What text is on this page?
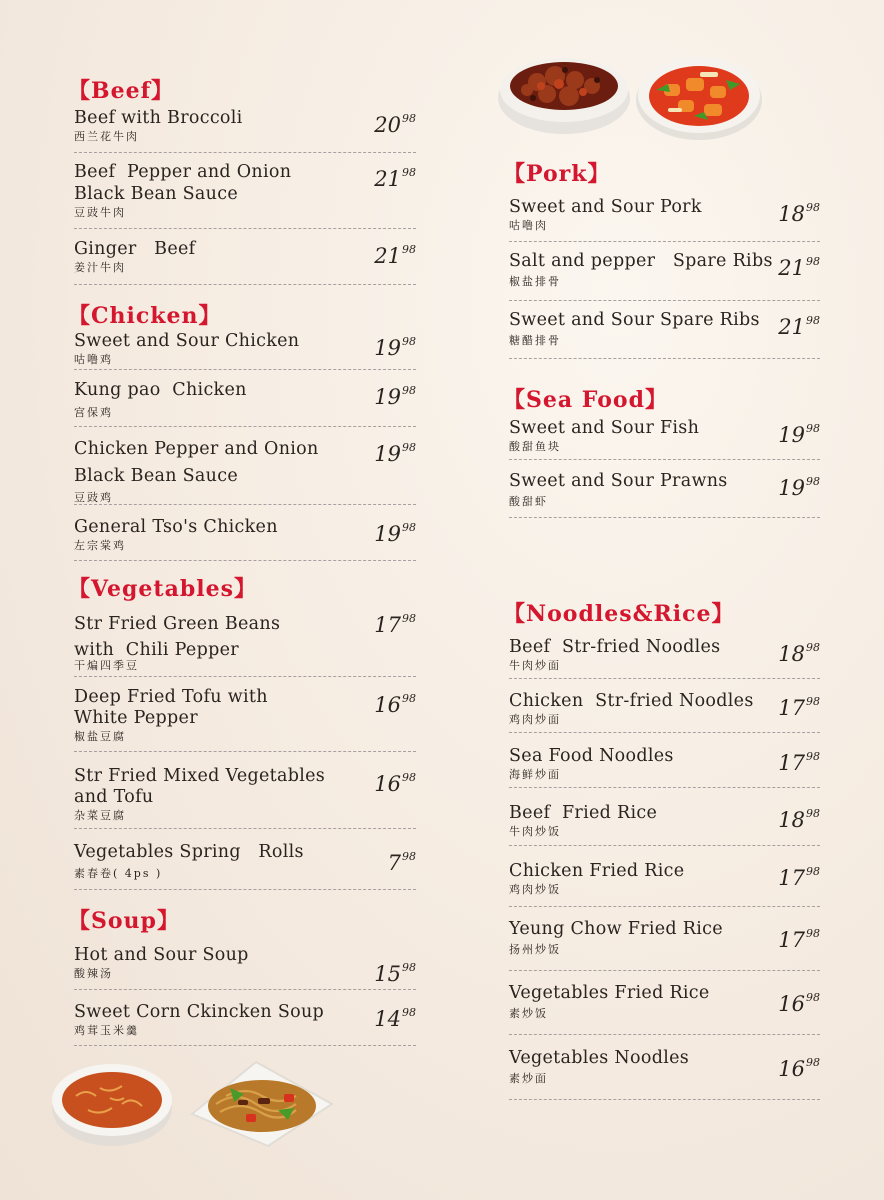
【Beef】
Beef with Broccoli
西兰花牛肉	$20^{98}$
Beef  Pepper and Onion
Black Bean Sauce
豆豉牛肉
$21^{98}$
Ginger   Beef
姜汁牛肉	$21^{98}$
【Chicken】
Sweet and Sour Chicken
咕噜鸡	$19^{98}$
Kung pao  Chicken
宫保鸡
$19^{98}$
Chicken Pepper and Onion
Black Bean Sauce
豆豉鸡
$19^{98}$
General Tso's Chicken
左宗棠鸡	$19^{98}$
【Vegetables】
Str Fried Green Beans
with  Chili Pepper
干煸四季豆
$17^{98}$
Deep Fried Tofu with
White Pepper
椒盐豆腐
$16^{98}$
Str Fried Mixed Vegetables
and Tofu
杂菜豆腐
$16^{98}$
Vegetables Spring   Rolls
素春卷( 4ps )	$7^{98}$
【Soup】
Hot and Sour Soup
酸辣汤	$15^{98}$
Sweet Corn Ckincken Soup
鸡茸玉米羹	$14^{98}$
【Pork】
Sweet and Sour Pork
咕噜肉	$18^{98}$
Salt and pepper   Spare Ribs
椒盐排骨
$21^{98}$
Sweet and Sour Spare Ribs
糖醋排骨
$21^{98}$
【Sea Food】
Sweet and Sour Fish
酸甜鱼块	$19^{98}$
Sweet and Sour Prawns
酸甜虾
$19^{98}$
【Noodles&Rice】
Beef  Str-fried Noodles
牛肉炒面	$18^{98}$
Chicken  Str-fried Noodles
鸡肉炒面	$17^{98}$
Sea Food Noodles
海鲜炒面	$17^{98}$
Beef  Fried Rice
牛肉炒饭	$18^{98}$
Chicken Fried Rice
鸡肉炒饭	$17^{98}$
Yeung Chow Fried Rice
扬州炒饭	$17^{98}$
Vegetables Fried Rice
素炒饭	$16^{98}$
Vegetables Noodles
素炒面	$16^{98}$
